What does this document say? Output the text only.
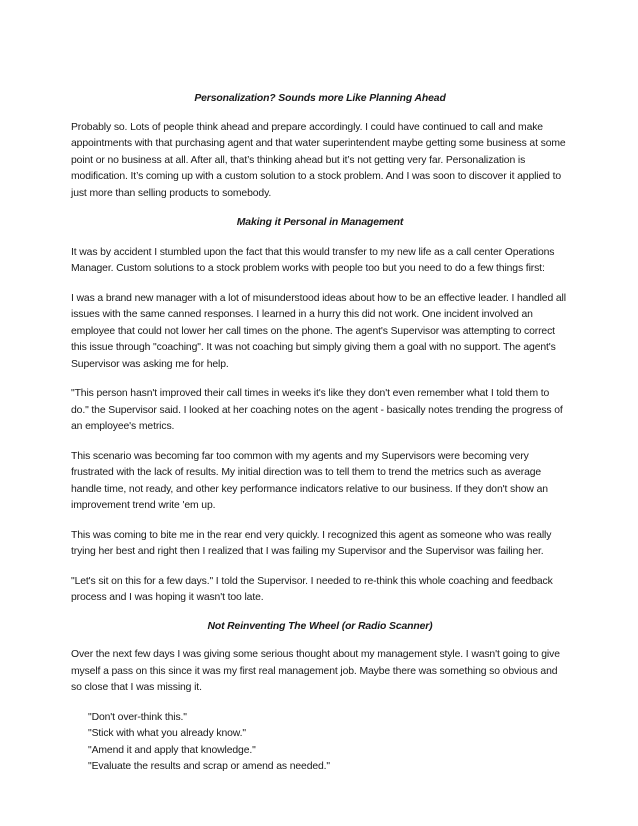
Personalization? Sounds more Like Planning Ahead

Probably so. Lots of people think ahead and prepare accordingly. I could have continued to call and make appointments with that purchasing agent and that water superintendent maybe getting some business at some point or no business at all. After all, that’s thinking ahead but it’s not getting very far. Personalization is modification. It’s coming up with a custom solution to a stock problem. And I was soon to discover it applied to just more than selling products to somebody.

Making it Personal in Management

It was by accident I stumbled upon the fact that this would transfer to my new life as a call center Operations Manager. Custom solutions to a stock problem works with people too but you need to do a few things first:

I was a brand new manager with a lot of misunderstood ideas about how to be an effective leader. I handled all issues with the same canned responses. I learned in a hurry this did not work. One incident involved an employee that could not lower her call times on the phone. The agent's Supervisor was attempting to correct this issue through "coaching". It was not coaching but simply giving them a goal with no support. The agent's Supervisor was asking me for help.

"This person hasn't improved their call times in weeks it's like they don't even remember what I told them to do." the Supervisor said. I looked at her coaching notes on the agent - basically notes trending the progress of an employee's metrics.

This scenario was becoming far too common with my agents and my Supervisors were becoming very frustrated with the lack of results. My initial direction was to tell them to trend the metrics such as average handle time, not ready, and other key performance indicators relative to our business. If they don't show an improvement trend write 'em up.

This was coming to bite me in the rear end very quickly. I recognized this agent as someone who was really trying her best and right then I realized that I was failing my Supervisor and the Supervisor was failing her.

"Let's sit on this for a few days." I told the Supervisor. I needed to re-think this whole coaching and feedback process and I was hoping it wasn't too late.

Not Reinventing The Wheel (or Radio Scanner)

Over the next few days I was giving some serious thought about my management style. I wasn't going to give myself a pass on this since it was my first real management job. Maybe there was something so obvious and so close that I was missing it.

"Don't over-think this."
"Stick with what you already know."
"Amend it and apply that knowledge."
"Evaluate the results and scrap or amend as needed."
